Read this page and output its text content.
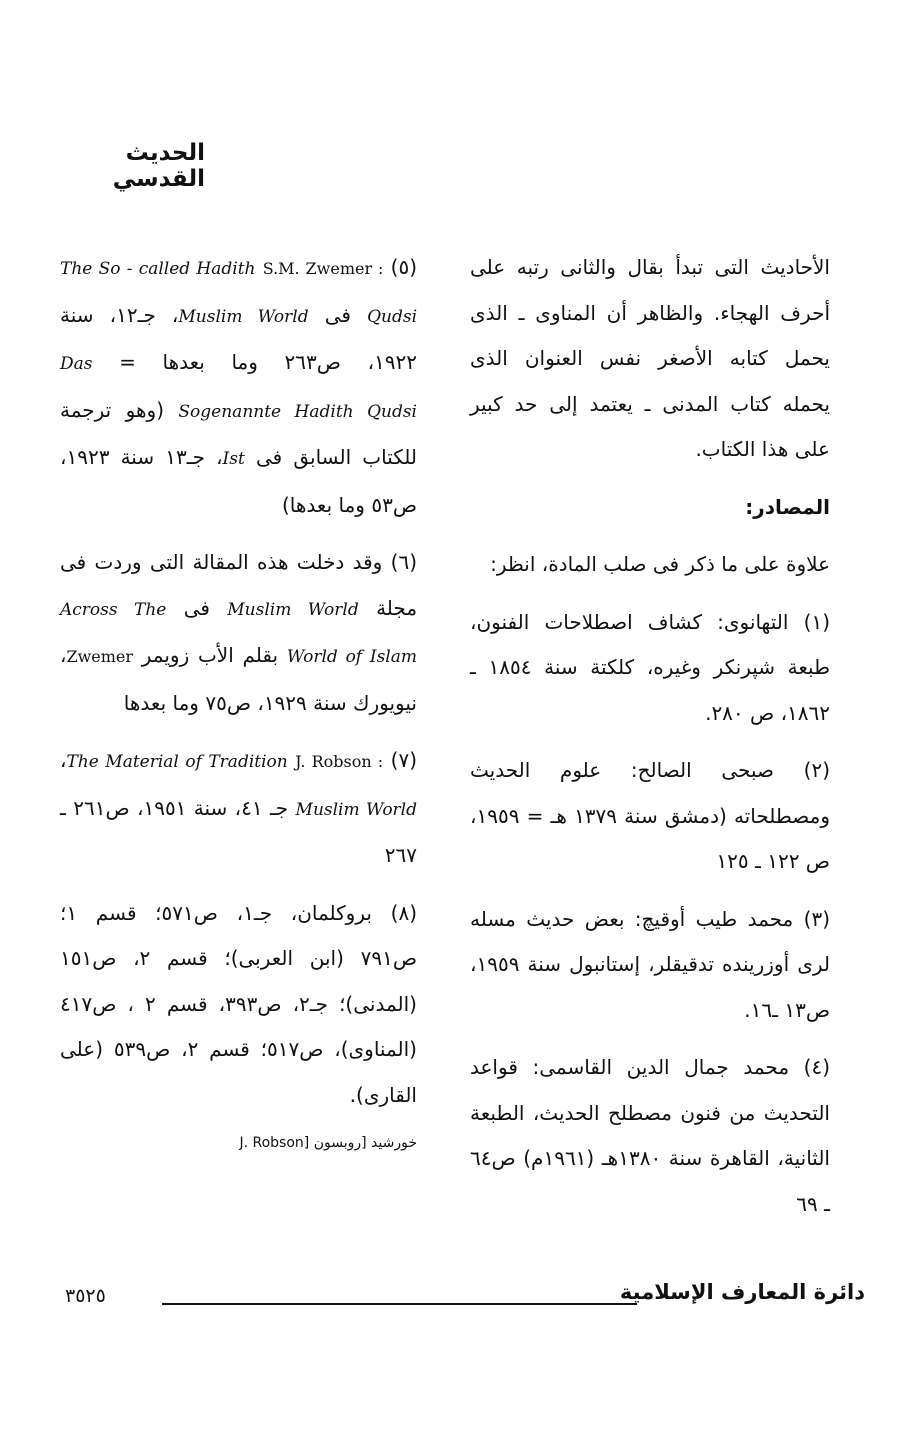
الحديث القدسي

الأحاديث التى تبدأ بقال والثانى رتبه على أحرف الهجاء. والظاهر أن المناوى ـ الذى يحمل كتابه الأصغر نفس العنوان الذى يحمله كتاب المدنى ـ يعتمد إلى حد كبير على هذا الكتاب.

المصادر:

علاوة على ما ذكر فى صلب المادة، انظر:

(١) التهانوى: كشاف اصطلاحات الفنون، طبعة شپرنكر وغيره، كلكتة سنة ١٨٥٤ ـ ١٨٦٢، ص ٢٨٠.

(٢) صبحى الصالح: علوم الحديث ومصطلحاته (دمشق سنة ١٣٧٩ هـ = ١٩٥٩، ص ١٢٢ ـ ١٢٥

(٣) محمد طيب أوقيچ: بعض حديث مسله لرى أوزرينده تدقيقلر، إستانبول سنة ١٩٥٩، ص١٣ ـ١٦.

(٤) محمد جمال الدين القاسمى: قواعد التحديث من فنون مصطلح الحديث، الطبعة الثانية، القاهرة سنة ١٣٨٠هـ (١٩٦١م) ص٦٤ ـ ٦٩

(٥) S.M. Zwemer : The So - called Hadith Qudsi فى Muslim World، جـ١٢، سنة ١٩٢٢، ص٢٦٣ وما بعدها = Das Sogenannte Hadith Qudsi (وهو ترجمة للكتاب السابق فى Ist، جـ١٣ سنة ١٩٢٣، ص٥٣ وما بعدها)

(٦) وقد دخلت هذه المقالة التى وردت فى مجلة Muslim World فى Across The World of Islam بقلم الأب زويمر Zwemer، نيويورك سنة ١٩٢٩، ص٧٥ وما بعدها

(٧) J. Robson : The Material of Tradition، Muslim World جـ ٤١، سنة ١٩٥١، ص٢٦١ ـ ٢٦٧

(٨) بروكلمان، جـ١، ص٥٧١؛ قسم ١؛ ص٧٩١ (ابن العربى)؛ قسم ٢، ص١٥١ (المدنى)؛ جـ٢، ص٣٩٣، قسم ٢ ، ص٤١٧ (المناوى)، ص٥١٧؛ قسم ٢، ص٥٣٩ (على القارى).

خورشيد [روبسون J. Robson]
دائرة المعارف الإسلامية
٣٥٢٥
